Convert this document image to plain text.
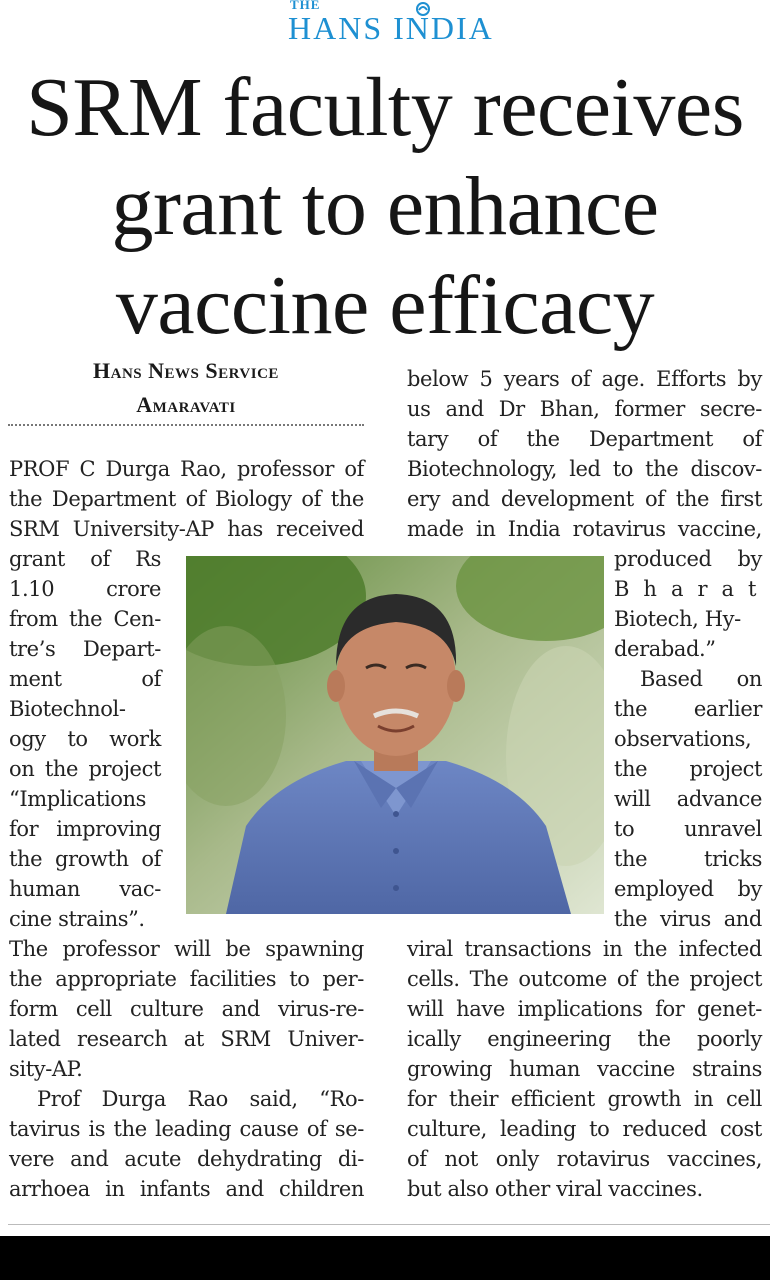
THE
HANS INDIA
SRM faculty receives
grant to enhance
vaccine efficacy
Hans News Service
Amaravati
PROF C Durga Rao, professor of
the Department of Biology of the
SRM University-AP has received
grant of Rs
1.10 crore
from the Cen-
tre’s Depart-
ment	of
Biotechnol-
ogy to work
on the project
“Implications
for improving
the growth of
human vac-
cine strains”.
The professor will be spawning
the appropriate facilities to per-
form cell culture and virus-re-
lated research at SRM Univer-
sity-AP.
Prof Durga Rao said, “Ro-
tavirus is the leading cause of se-
vere and acute dehydrating di-
arrhoea in infants and children
below 5 years of age. Efforts by
us and Dr Bhan, former secre-
tary of the Department of
Biotechnology, led to the discov-
ery and development of the first
made in India rotavirus vaccine,
produced by
Bharat
Biotech, Hy-
derabad.”
Based on
the earlier
observations,
the project
will advance
to unravel
the	tricks
employed by
the virus and
viral transactions in the infected
cells. The outcome of the project
will have implications for genet-
ically engineering the poorly
growing human vaccine strains
for their efficient growth in cell
culture, leading to reduced cost
of not only rotavirus vaccines,
but also other viral vaccines.
